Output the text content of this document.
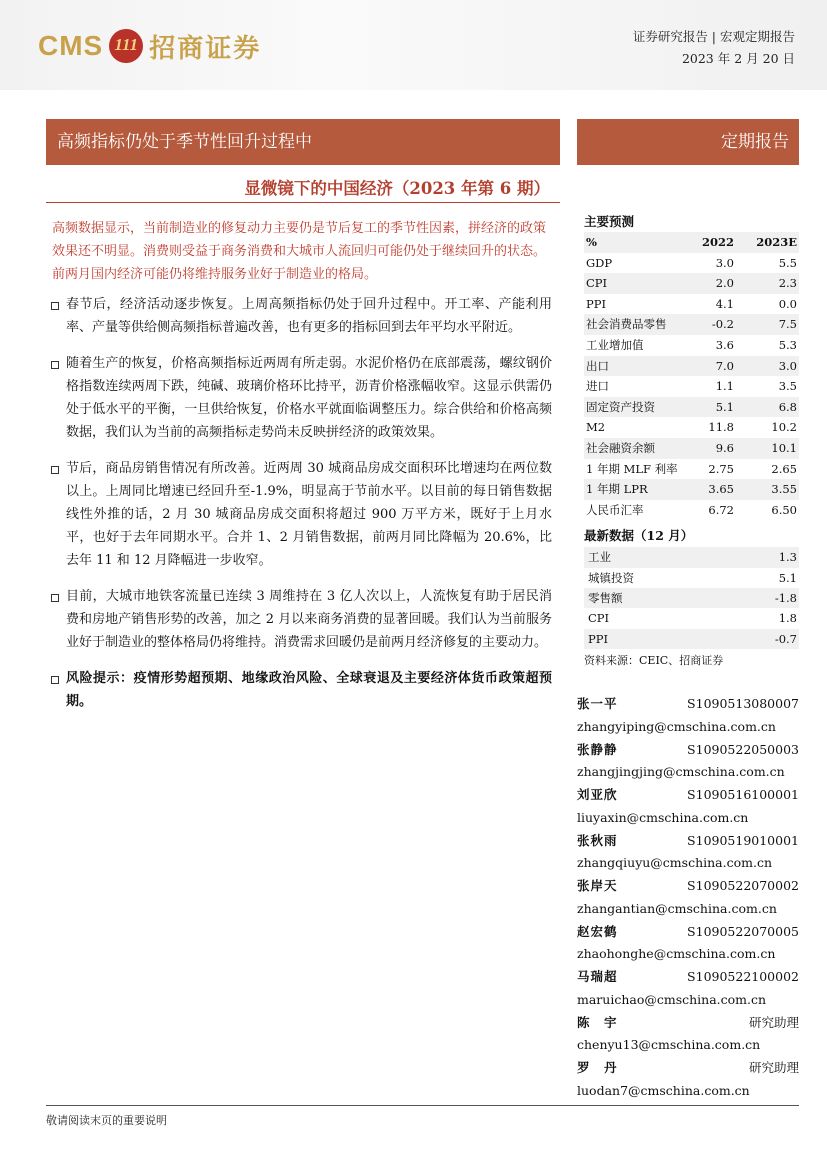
CMS 111 招商证券	证券研究报告 | 宏观定期报告
2023 年 2 月 20 日
高频指标仍处于季节性回升过程中	定期报告
显微镜下的中国经济（2023 年第 6 期）
高频数据显示，当前制造业的修复动力主要仍是节后复工的季节性因素，拼经济的政策效果还不明显。消费则受益于商务消费和大城市人流回归可能仍处于继续回升的状态。前两月国内经济可能仍将维持服务业好于制造业的格局。
春节后，经济活动逐步恢复。上周高频指标仍处于回升过程中。开工率、产能利用率、产量等供给侧高频指标普遍改善，也有更多的指标回到去年平均水平附近。
随着生产的恢复，价格高频指标近两周有所走弱。水泥价格仍在底部震荡，螺纹钢价格指数连续两周下跌，纯碱、玻璃价格环比持平，沥青价格涨幅收窄。这显示供需仍处于低水平的平衡，一旦供给恢复，价格水平就面临调整压力。综合供给和价格高频数据，我们认为当前的高频指标走势尚未反映拼经济的政策效果。
节后，商品房销售情况有所改善。近两周 30 城商品房成交面积环比增速均在两位数以上。上周同比增速已经回升至-1.9%，明显高于节前水平。以目前的每日销售数据线性外推的话，2 月 30 城商品房成交面积将超过 900 万平方米，既好于上月水平，也好于去年同期水平。合并 1、2 月销售数据，前两月同比降幅为 20.6%，比去年 11 和 12 月降幅进一步收窄。
目前，大城市地铁客流量已连续 3 周维持在 3 亿人次以上，人流恢复有助于居民消费和房地产销售形势的改善，加之 2 月以来商务消费的显著回暖。我们认为当前服务业好于制造业的整体格局仍将维持。消费需求回暖仍是前两月经济修复的主要动力。
风险提示：疫情形势超预期、地缘政治风险、全球衰退及主要经济体货币政策超预期。
主要预测
%	2022	2023E
GDP	3.0	5.5
CPI	2.0	2.3
PPI	4.1	0.0
社会消费品零售	-0.2	7.5
工业增加值	3.6	5.3
出口	7.0	3.0
进口	1.1	3.5
固定资产投资	5.1	6.8
M2	11.8	10.2
社会融资余额	9.6	10.1
1 年期 MLF 利率	2.75	2.65
1 年期 LPR	3.65	3.55
人民币汇率	6.72	6.50
最新数据（12 月）
工业	1.3
城镇投资	5.1
零售额	-1.8
CPI	1.8
PPI	-0.7
资料来源：CEIC、招商证券
张一平	S1090513080007
zhangyiping@cmschina.com.cn
张静静	S1090522050003
zhangjingjing@cmschina.com.cn
刘亚欣	S1090516100001
liuyaxin@cmschina.com.cn
张秋雨	S1090519010001
zhangqiuyu@cmschina.com.cn
张岸天	S1090522070002
zhangantian@cmschina.com.cn
赵宏鹤	S1090522070005
zhaohonghe@cmschina.com.cn
马瑞超	S1090522100002
maruichao@cmschina.com.cn
陈　宇	研究助理
chenyu13@cmschina.com.cn
罗　丹	研究助理
luodan7@cmschina.com.cn
敬请阅读末页的重要说明
